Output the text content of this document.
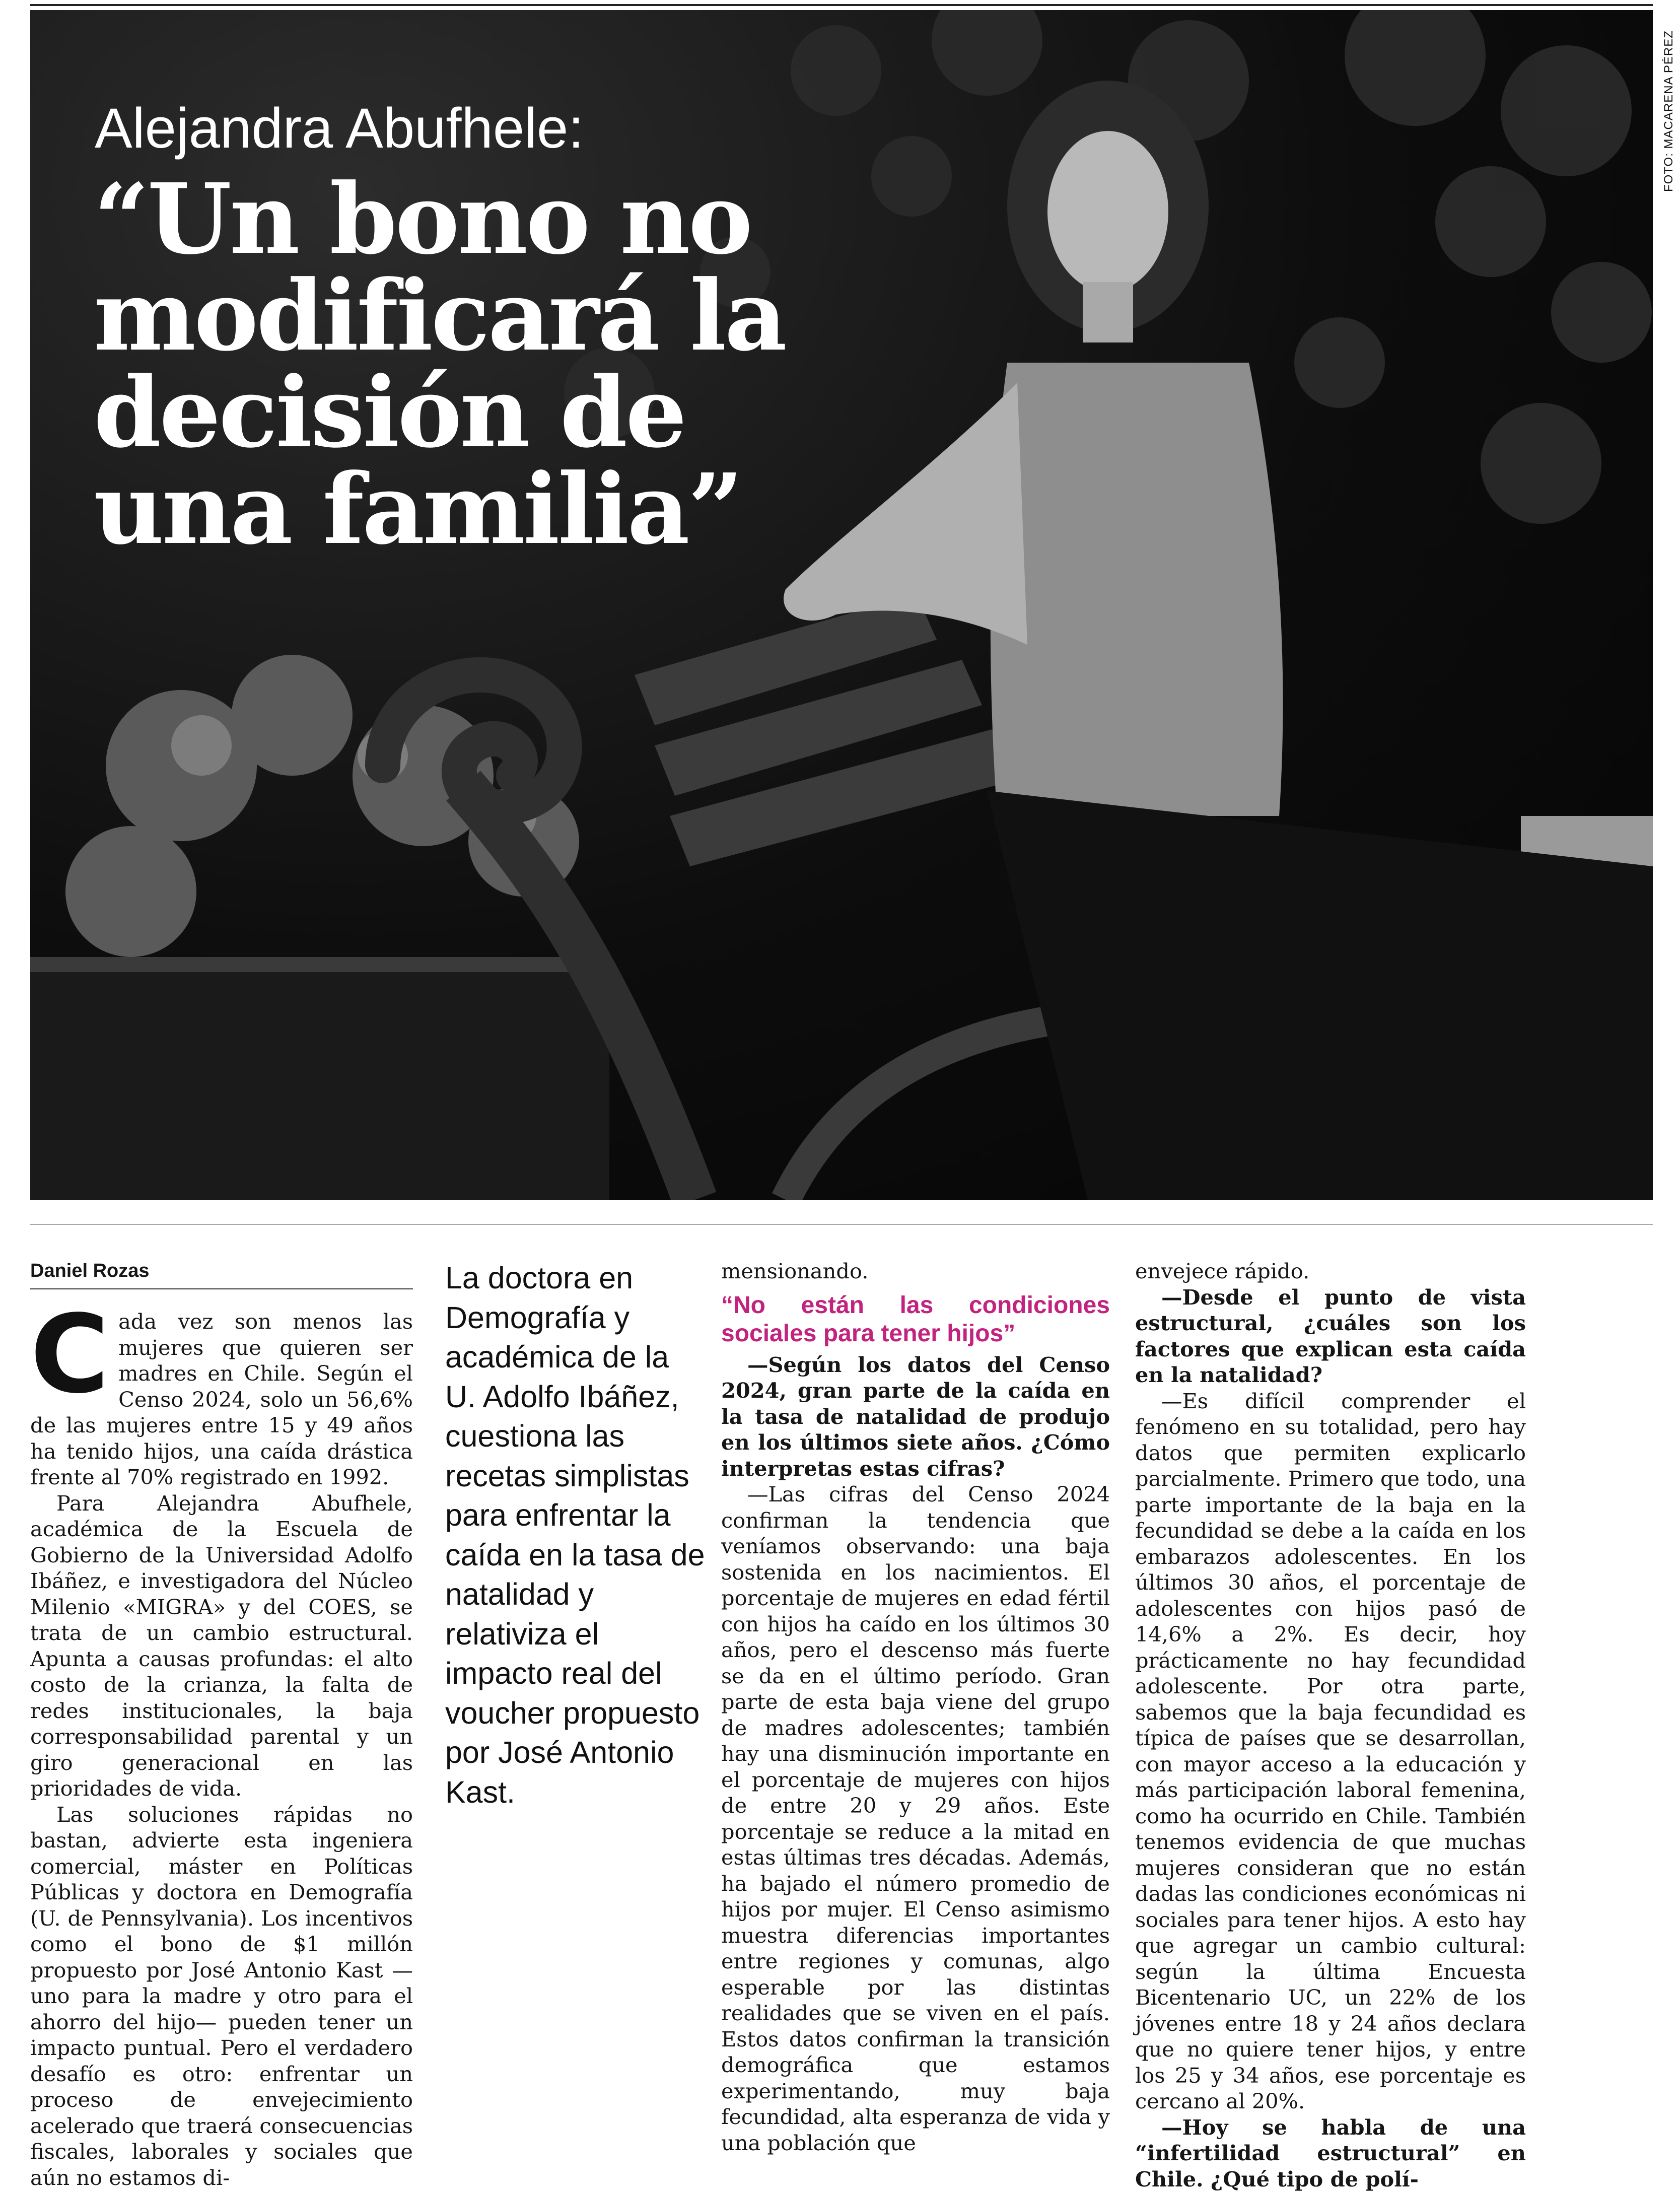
Alejandra Abufhele:
“Un bono no
modificará la
decisión de
una familia”
FOTO: MACARENA PÉREZ
Daniel Rozas

Cada vez son menos las mujeres que quieren ser madres en Chile. Según el Censo 2024, solo un 56,6% de las mujeres entre 15 y 49 años ha tenido hijos, una caída drástica frente al 70% registrado en 1992.

Para Alejandra Abufhele, académica de la Escuela de Gobierno de la Universidad Adolfo Ibáñez, e investigadora del Núcleo Milenio «MIGRA» y del COES, se trata de un cambio estructural. Apunta a causas profundas: el alto costo de la crianza, la falta de redes institucionales, la baja corresponsabilidad parental y un giro generacional en las prioridades de vida.

Las soluciones rápidas no bastan, advierte esta ingeniera comercial, máster en Políticas Públicas y doctora en Demografía (U. de Pennsylvania). Los incentivos como el bono de $1 millón propuesto por José Antonio Kast —uno para la madre y otro para el ahorro del hijo— pueden tener un impacto puntual. Pero el verdadero desafío es otro: enfrentar un proceso de envejecimiento acelerado que traerá consecuencias fiscales, laborales y sociales que aún no estamos di-

La doctora en Demografía y académica de la U. Adolfo Ibáñez, cuestiona las recetas simplistas para enfrentar la caída en la tasa de natalidad y relativiza el impacto real del voucher propuesto por José Antonio Kast.

mensionando.

“No están las condiciones sociales para tener hijos”

—Según los datos del Censo 2024, gran parte de la caída en la tasa de natalidad de produjo en los últimos siete años. ¿Cómo interpretas estas cifras?

—Las cifras del Censo 2024 confirman la tendencia que veníamos observando: una baja sostenida en los nacimientos. El porcentaje de mujeres en edad fértil con hijos ha caído en los últimos 30 años, pero el descenso más fuerte se da en el último período. Gran parte de esta baja viene del grupo de madres adolescentes; también hay una disminución importante en el porcentaje de mujeres con hijos de entre 20 y 29 años. Este porcentaje se reduce a la mitad en estas últimas tres décadas. Además, ha bajado el número promedio de hijos por mujer. El Censo asimismo muestra diferencias importantes entre regiones y comunas, algo esperable por las distintas realidades que se viven en el país. Estos datos confirman la transición demográfica que estamos experimentando, muy baja fecundidad, alta esperanza de vida y una población que

envejece rápido.

—Desde el punto de vista estructural, ¿cuáles son los factores que explican esta caída en la natalidad?

—Es difícil comprender el fenómeno en su totalidad, pero hay datos que permiten explicarlo parcialmente. Primero que todo, una parte importante de la baja en la fecundidad se debe a la caída en los embarazos adolescentes. En los últimos 30 años, el porcentaje de adolescentes con hijos pasó de 14,6% a 2%. Es decir, hoy prácticamente no hay fecundidad adolescente. Por otra parte, sabemos que la baja fecundidad es típica de países que se desarrollan, con mayor acceso a la educación y más participación laboral femenina, como ha ocurrido en Chile. También tenemos evidencia de que muchas mujeres consideran que no están dadas las condiciones económicas ni sociales para tener hijos. A esto hay que agregar un cambio cultural: según la última Encuesta Bicentenario UC, un 22% de los jóvenes entre 18 y 24 años declara que no quiere tener hijos, y entre los 25 y 34 años, ese porcentaje es cercano al 20%.

—Hoy se habla de una “infertilidad estructural” en Chile. ¿Qué tipo de polí-
